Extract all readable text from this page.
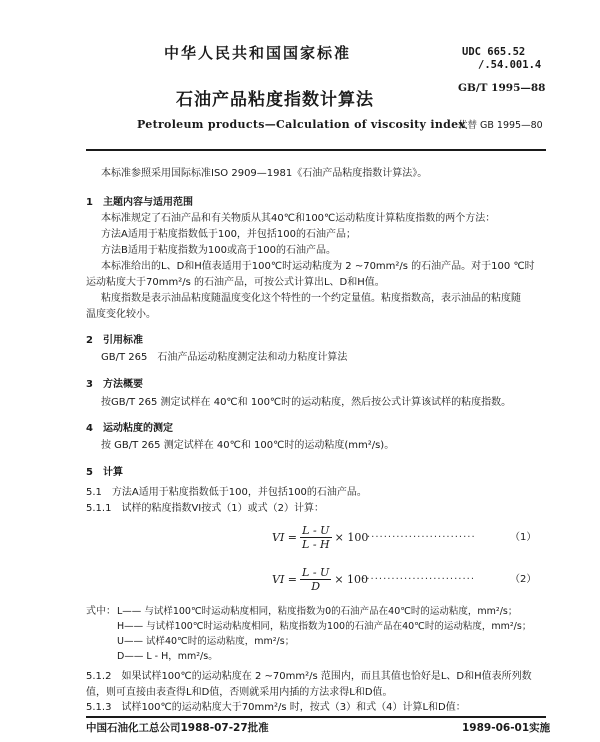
中华人民共和国国家标准	UDC 665.52
/.54.001.4
石油产品粘度指数计算法
GB/T 1995—88
Petroleum products—Calculation of viscosity index
代替 GB 1995—80
本标准参照采用国际标准ISO 2909—1981《石油产品粘度指数计算法》。
1　主题内容与适用范围
本标准规定了石油产品和有关物质从其40℃和100℃运动粘度计算粘度指数的两个方法：
方法A适用于粘度指数低于100，并包括100的石油产品；
方法B适用于粘度指数为100或高于100的石油产品。
本标准给出的L、D和H值表适用于100℃时运动粘度为 2 ~70mm²/s 的石油产品。对于100 ℃时
运动粘度大于70mm²/s 的石油产品，可按公式计算出L、D和H值。
粘度指数是表示油品粘度随温度变化这个特性的一个约定量值。粘度指数高，表示油品的粘度随
温度变化较小。
2　引用标准
GB/T 265　石油产品运动粘度测定法和动力粘度计算法
3　方法概要
按GB/T 265 测定试样在 40℃和 100℃时的运动粘度，然后按公式计算该试样的粘度指数。
4　运动粘度的测定
按 GB/T 265 测定试样在 40℃和 100℃时的运动粘度(mm²/s)。
5　计算
5.1　方法A适用于粘度指数低于100，并包括100的石油产品。
5.1.1　试样的粘度指数VI按式（1）或式（2）计算：
VI = $\frac{L - U}{L - H} \times 100$
··························	（1）
VI = $\frac{L - U}{D} \times 100$
····························	（2）
式中： L—— 与试样100℃时运动粘度相同，粘度指数为0的石油产品在40℃时的运动粘度，mm²/s；
H—— 与试样100℃时运动粘度相同，粘度指数为100的石油产品在40℃时的运动粘度，mm²/s；
U—— 试样40℃时的运动粘度，mm²/s；
D—— L - H，mm²/s。
5.1.2　如果试样100℃的运动粘度在 2 ~70mm²/s 范围内，而且其值也恰好是L、D和H值表所列数
值，则可直接由表查得L和D值，否则就采用内插的方法求得L和D值。
5.1.3　试样100℃的运动粘度大于70mm²/s 时，按式（3）和式（4）计算L和D值：
中国石油化工总公司1988-07-27批准	1989-06-01实施
